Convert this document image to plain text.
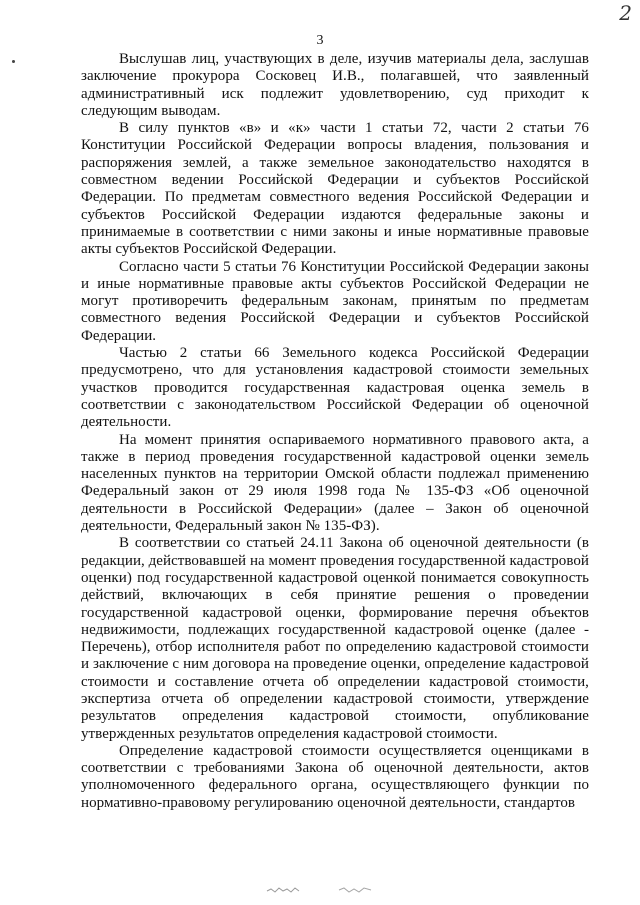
2
3

Выслушав лиц, участвующих в деле, изучив материалы дела, заслушав заключение прокурора Сосковец И.В., полагавшей, что заявленный административный иск подлежит удовлетворению, суд приходит к следующим выводам.

В силу пунктов «в» и «к» части 1 статьи 72, части 2 статьи 76 Конституции Российской Федерации вопросы владения, пользования и распоряжения землей, а также земельное законодательство находятся в совместном ведении Российской Федерации и субъектов Российской Федерации. По предметам совместного ведения Российской Федерации и субъектов Российской Федерации издаются федеральные законы и принимаемые в соответствии с ними законы и иные нормативные правовые акты субъектов Российской Федерации.

Согласно части 5 статьи 76 Конституции Российской Федерации законы и иные нормативные правовые акты субъектов Российской Федерации не могут противоречить федеральным законам, принятым по предметам совместного ведения Российской Федерации и субъектов Российской Федерации.

Частью 2 статьи 66 Земельного кодекса Российской Федерации предусмотрено, что для установления кадастровой стоимости земельных участков проводится государственная кадастровая оценка земель в соответствии с законодательством Российской Федерации об оценочной деятельности.

На момент принятия оспариваемого нормативного правового акта, а также в период проведения государственной кадастровой оценки земель населенных пунктов на территории Омской области подлежал применению Федеральный закон от 29 июля 1998 года № 135-ФЗ «Об оценочной деятельности в Российской Федерации» (далее – Закон об оценочной деятельности, Федеральный закон № 135-ФЗ).

В соответствии со статьей 24.11 Закона об оценочной деятельности (в редакции, действовавшей на момент проведения государственной кадастровой оценки) под государственной кадастровой оценкой понимается совокупность действий, включающих в себя принятие решения о проведении государственной кадастровой оценки, формирование перечня объектов недвижимости, подлежащих государственной кадастровой оценке (далее - Перечень), отбор исполнителя работ по определению кадастровой стоимости и заключение с ним договора на проведение оценки, определение кадастровой стоимости и составление отчета об определении кадастровой стоимости, экспертиза отчета об определении кадастровой стоимости, утверждение результатов определения кадастровой стоимости, опубликование утвержденных результатов определения кадастровой стоимости.

Определение кадастровой стоимости осуществляется оценщиками в соответствии с требованиями Закона об оценочной деятельности, актов уполномоченного федерального органа, осуществляющего функции по нормативно-правовому регулированию оценочной деятельности, стандартов
